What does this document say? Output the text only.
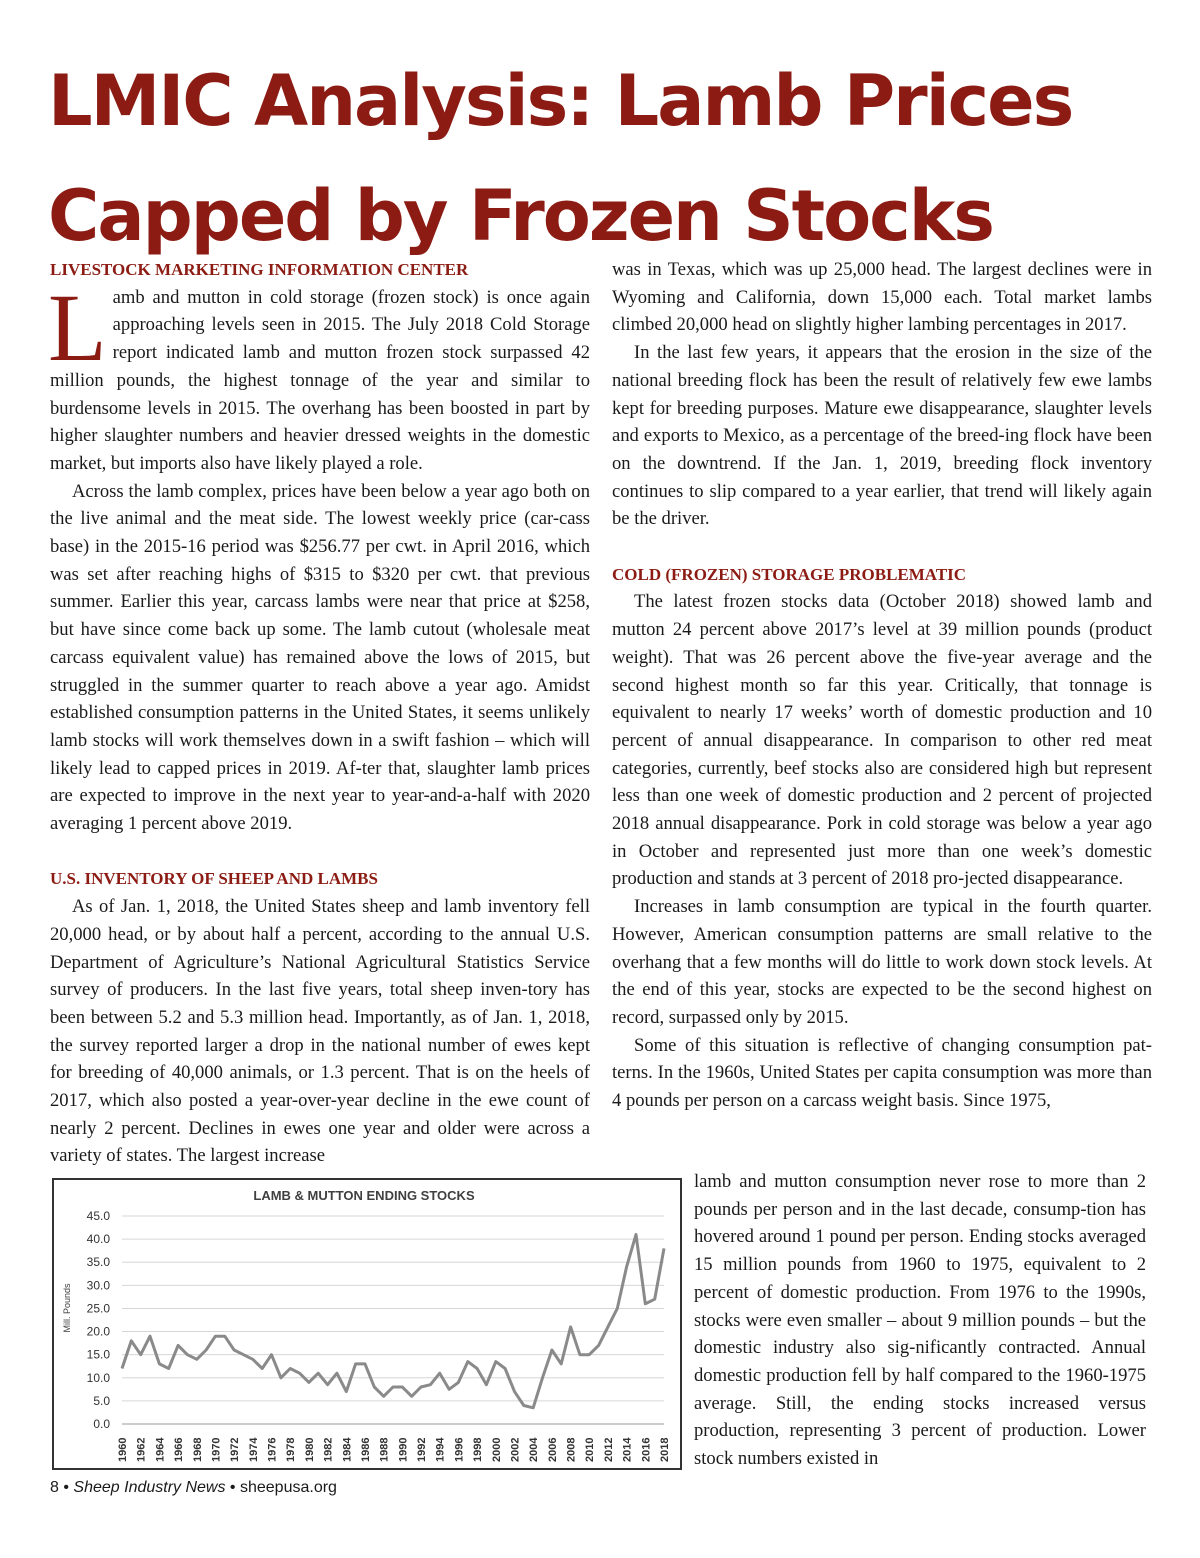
LMIC Analysis: Lamb Prices
Capped by Frozen Stocks
LIVESTOCK MARKETING INFORMATION CENTER

Lamb and mutton in cold storage (frozen stock) is once again approaching levels seen in 2015. The July 2018 Cold Storage report indicated lamb and mutton frozen stock surpassed 42 million pounds, the highest tonnage of the year and similar to burdensome levels in 2015. The overhang has been boosted in part by higher slaughter numbers and heavier dressed weights in the domestic market, but imports also have likely played a role.

Across the lamb complex, prices have been below a year ago both on the live animal and the meat side. The lowest weekly price (car-cass base) in the 2015-16 period was $256.77 per cwt. in April 2016, which was set after reaching highs of $315 to $320 per cwt. that previous summer. Earlier this year, carcass lambs were near that price at $258, but have since come back up some. The lamb cutout (wholesale meat carcass equivalent value) has remained above the lows of 2015, but struggled in the summer quarter to reach above a year ago. Amidst established consumption patterns in the United States, it seems unlikely lamb stocks will work themselves down in a swift fashion – which will likely lead to capped prices in 2019. Af-ter that, slaughter lamb prices are expected to improve in the next year to year-and-a-half with 2020 averaging 1 percent above 2019.

U.S. INVENTORY OF SHEEP AND LAMBS

As of Jan. 1, 2018, the United States sheep and lamb inventory fell 20,000 head, or by about half a percent, according to the annual U.S. Department of Agriculture’s National Agricultural Statistics Service survey of producers. In the last five years, total sheep inven-tory has been between 5.2 and 5.3 million head. Importantly, as of Jan. 1, 2018, the survey reported larger a drop in the national number of ewes kept for breeding of 40,000 animals, or 1.3 percent. That is on the heels of 2017, which also posted a year-over-year decline in the ewe count of nearly 2 percent. Declines in ewes one year and older were across a variety of states. The largest increase

was in Texas, which was up 25,000 head. The largest declines were in Wyoming and California, down 15,000 each. Total market lambs climbed 20,000 head on slightly higher lambing percentages in 2017.

In the last few years, it appears that the erosion in the size of the national breeding flock has been the result of relatively few ewe lambs kept for breeding purposes. Mature ewe disappearance, slaughter levels and exports to Mexico, as a percentage of the breed-ing flock have been on the downtrend. If the Jan. 1, 2019, breeding flock inventory continues to slip compared to a year earlier, that trend will likely again be the driver.

COLD (FROZEN) STORAGE PROBLEMATIC

The latest frozen stocks data (October 2018) showed lamb and mutton 24 percent above 2017’s level at 39 million pounds (product weight). That was 26 percent above the five-year average and the second highest month so far this year. Critically, that tonnage is equivalent to nearly 17 weeks’ worth of domestic production and 10 percent of annual disappearance. In comparison to other red meat categories, currently, beef stocks also are considered high but represent less than one week of domestic production and 2 percent of projected 2018 annual disappearance. Pork in cold storage was below a year ago in October and represented just more than one week’s domestic production and stands at 3 percent of 2018 pro-jected disappearance.

Increases in lamb consumption are typical in the fourth quarter. However, American consumption patterns are small relative to the overhang that a few months will do little to work down stock levels. At the end of this year, stocks are expected to be the second highest on record, surpassed only by 2015.

Some of this situation is reflective of changing consumption pat-terns. In the 1960s, United States per capita consumption was more than 4 pounds per person on a carcass weight basis. Since 1975,

lamb and mutton consumption never rose to more than 2 pounds per person and in the last decade, consump-tion has hovered around 1 pound per person. Ending stocks averaged 15 million pounds from 1960 to 1975, equivalent to 2 percent of domestic production. From 1976 to the 1990s, stocks were even smaller – about 9 million pounds – but the domestic industry also sig-nificantly contracted. Annual domestic production fell by half compared to the 1960-1975 average. Still, the ending stocks increased versus production, representing 3 percent of production. Lower stock numbers existed in
LAMB & MUTTON ENDING STOCKS
Mill. Pounds
0.0
5.0
10.0
15.0
20.0
25.0
30.0
35.0
40.0
45.0
1960 1962 1964 1966 1968 1970 1972 1974 1976 1978 1980 1982 1984 1986 1988 1990 1992 1994 1996 1998 2000 2002 2004 2006 2008 2010 2012 2014 2016 2018
8 • Sheep Industry News • sheepusa.org
